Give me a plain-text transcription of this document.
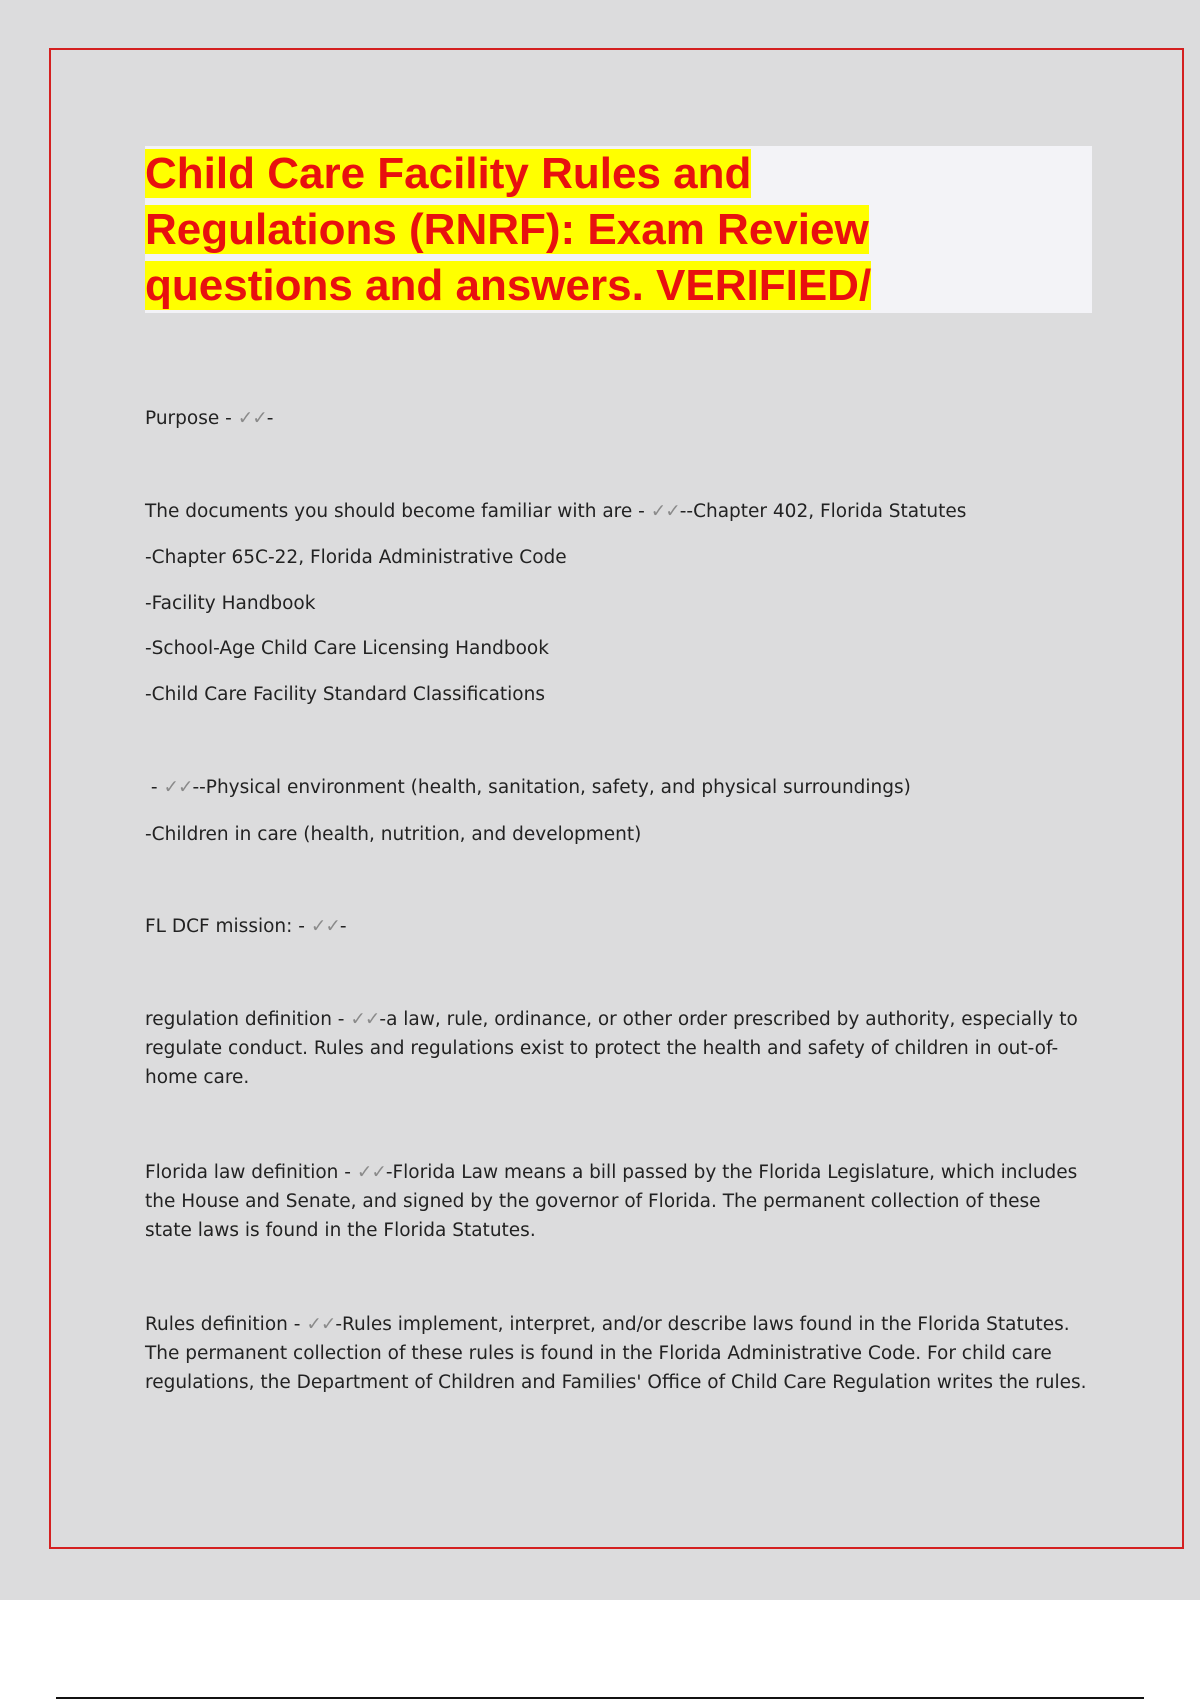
Child Care Facility Rules and
Regulations (RNRF): Exam Review
questions and answers. VERIFIED/

Purpose - ✓✓-

The documents you should become familiar with are - ✓✓--Chapter 402, Florida Statutes

-Chapter 65C-22, Florida Administrative Code

-Facility Handbook

-School-Age Child Care Licensing Handbook

-Child Care Facility Standard Classifications

- ✓✓--Physical environment (health, sanitation, safety, and physical surroundings)

-Children in care (health, nutrition, and development)

FL DCF mission: - ✓✓-

regulation definition - ✓✓-a law, rule, ordinance, or other order prescribed by authority, especially to regulate conduct. Rules and regulations exist to protect the health and safety of children in out-of-home care.

Florida law definition - ✓✓-Florida Law means a bill passed by the Florida Legislature, which includes the House and Senate, and signed by the governor of Florida. The permanent collection of these state laws is found in the Florida Statutes.

Rules definition - ✓✓-Rules implement, interpret, and/or describe laws found in the Florida Statutes. The permanent collection of these rules is found in the Florida Administrative Code. For child care regulations, the Department of Children and Families' Office of Child Care Regulation writes the rules.
